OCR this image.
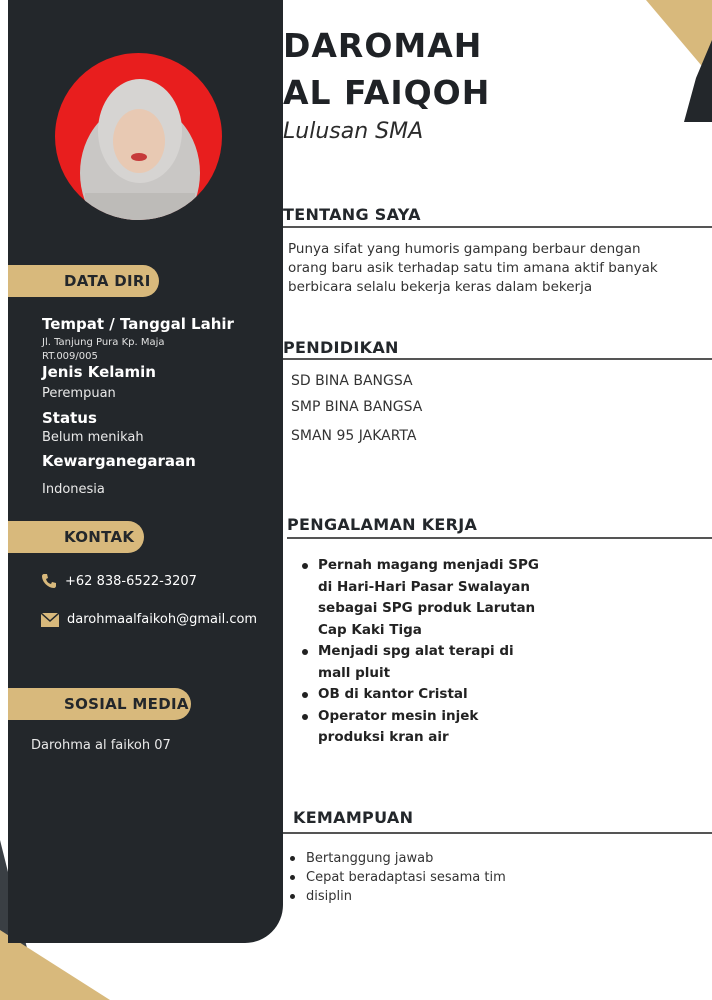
DATA DIRI
Tempat / Tanggal Lahir
Jl. Tanjung Pura Kp. Maja
RT.009/005
Jenis Kelamin
Perempuan
Status
Belum menikah
Kewarganegaraan
Indonesia
KONTAK
+62 838-6522-3207
darohmaalfaikoh@gmail.com
SOSIAL MEDIA
Darohma al faikoh 07
DAROMAH
AL FAIQOH
Lulusan SMA
TENTANG SAYA
Punya sifat yang humoris gampang berbaur dengan orang baru asik terhadap satu tim amana aktif banyak berbicara selalu bekerja keras dalam bekerja
PENDIDIKAN
SD BINA BANGSA
SMP BINA BANGSA
SMAN 95 JAKARTA
PENGALAMAN KERJA
Pernah magang menjadi SPG di Hari-Hari Pasar Swalayan sebagai SPG produk Larutan Cap Kaki Tiga
Menjadi spg alat terapi di mall pluit
OB di kantor Cristal
Operator mesin injek produksi kran air
KEMAMPUAN
Bertanggung jawab
Cepat beradaptasi sesama tim
disiplin
